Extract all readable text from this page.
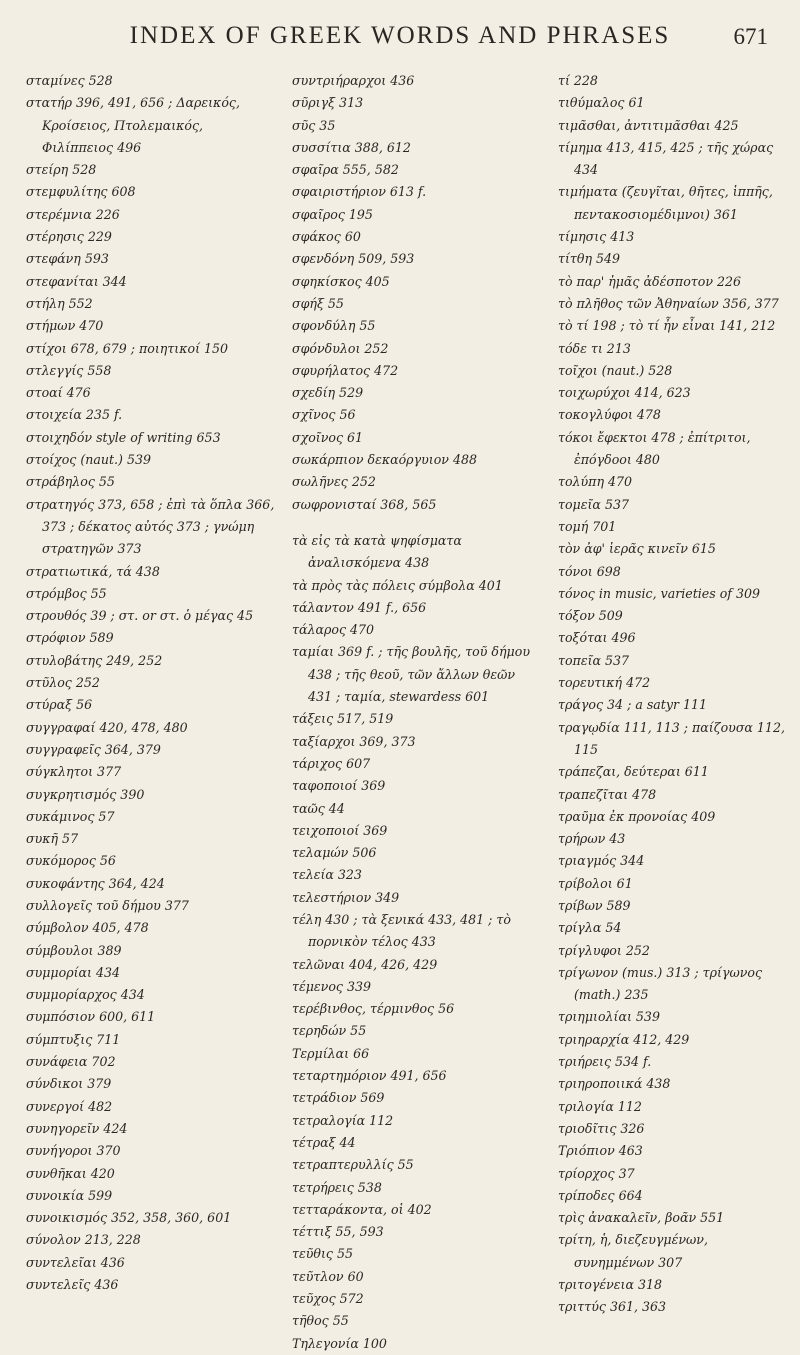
INDEX OF GREEK WORDS AND PHRASES	671
σταμίνες 528
στατήρ 396, 491, 656 ; Δαρεικός, Κροίσειος, Πτολεμαικός, Φιλίππειος 496
στείρη 528
στεμφυλίτης 608
στερέμνια 226
στέρησις 229
στεφάνη 593
στεφανίται 344
στήλη 552
στήμων 470
στίχοι 678, 679 ; ποιητικοί 150
στλεγγίς 558
στοαί 476
στοιχεία 235 f.
στοιχηδόν style of writing 653
στοίχος (naut.) 539
στράβηλος 55
στρατηγός 373, 658 ; ἐπὶ τὰ ὅπλα 366, 373 ; δέκατος αὐτός 373 ; γνώμη στρατηγῶν 373
στρατιωτικά, τά 438
στρόμβος 55
στρουθός 39 ; στ. or στ. ὁ μέγας 45
στρόφιον 589
στυλοβάτης 249, 252
στῦλος 252
στύραξ 56
συγγραφαί 420, 478, 480
συγγραφεῖς 364, 379
σύγκλητοι 377
συγκρητισμός 390
συκάμινος 57
συκῆ 57
συκόμορος 56
συκοφάντης 364, 424
συλλογεῖς τοῦ δήμου 377
σύμβολον 405, 478
σύμβουλοι 389
συμμορίαι 434
συμμορίαρχος 434
συμπόσιον 600, 611
σύμπτυξις 711
συνάφεια 702
σύνδικοι 379
συνεργοί 482
συνηγορεῖν 424
συνήγοροι 370
συνθῆκαι 420
συνοικία 599
συνοικισμός 352, 358, 360, 601
σύνολον 213, 228
συντελεῖαι 436
συντελεῖς 436
συντριήραρχοι 436
σῦριγξ 313
σῦς 35
συσσίτια 388, 612
σφαῖρα 555, 582
σφαιριστήριον 613 f.
σφαῖρος 195
σφάκος 60
σφενδόνη 509, 593
σφηκίσκος 405
σφήξ 55
σφονδύλη 55
σφόνδυλοι 252
σφυρήλατος 472
σχεδίη 529
σχῖνος 56
σχοῖνος 61
σωκάρπιον δεκαόργυιον 488
σωλῆνες 252
σωφρονισταί 368, 565
τὰ εἰς τὰ κατὰ ψηφίσματα ἀναλισκόμενα 438
τὰ πρὸς τὰς πόλεις σύμβολα 401
τάλαντον 491 f., 656
τάλαρος 470
ταμίαι 369 f. ; τῆς βουλῆς, τοῦ δήμου 438 ; τῆς θεοῦ, τῶν ἄλλων θεῶν 431 ; ταμία, stewardess 601
τάξεις 517, 519
ταξίαρχοι 369, 373
τάριχος 607
ταφοποιοί 369
ταῶς 44
τειχοποιοί 369
τελαμών 506
τελεία 323
τελεστήριον 349
τέλη 430 ; τὰ ξενικά 433, 481 ; τὸ πορνικὸν τέλος 433
τελῶναι 404, 426, 429
τέμενος 339
τερέβινθος, τέρμινθος 56
τερηδών 55
Τερμίλαι 66
τεταρτημόριον 491, 656
τετράδιον 569
τετραλογία 112
τέτραξ 44
τετραπτερυλλίς 55
τετρήρεις 538
τετταράκοντα, οἱ 402
τέττιξ 55, 593
τεῦθις 55
τεῦτλον 60
τεῦχος 572
τῆθος 55
Τηλεγονία 100
τί 228
τιθύμαλος 61
τιμᾶσθαι, ἀντιτιμᾶσθαι 425
τίμημα 413, 415, 425 ; τῆς χώρας 434
τιμήματα (ζευγῖται, θῆτες, ἱππῆς, πεντακοσιομέδιμνοι) 361
τίμησις 413
τίτθη 549
τὸ παρ' ἡμᾶς ἀδέσποτον 226
τὸ πλῆθος τῶν Ἀθηναίων 356, 377
τὸ τί 198 ; τὸ τί ἦν εἶναι 141, 212
τόδε τι 213
τοῖχοι (naut.) 528
τοιχωρύχοι 414, 623
τοκογλύφοι 478
τόκοι ἔφεκτοι 478 ; ἐπίτριτοι, ἐπόγδοοι 480
τολύπη 470
τομεῖα 537
τομή 701
τὸν ἀφ' ἱερᾶς κινεῖν 615
τόνοι 698
τόνος in music, varieties of 309
τόξον 509
τοξόται 496
τοπεῖα 537
τορευτική 472
τράγος 34 ; a satyr 111
τραγῳδία 111, 113 ; παίζουσα 112, 115
τράπεζαι, δεύτεραι 611
τραπεζῖται 478
τραῦμα ἐκ προνοίας 409
τρήρων 43
τριαγμός 344
τρίβολοι 61
τρίβων 589
τρίγλα 54
τρίγλυφοι 252
τρίγωνον (mus.) 313 ; τρίγωνος (math.) 235
τριημιολίαι 539
τριηραρχία 412, 429
τριήρεις 534 f.
τριηροποιικά 438
τριλογία 112
τριοδῖτις 326
Τριόπιον 463
τρίορχος 37
τρίποδες 664
τρὶς ἀνακαλεῖν, βοᾶν 551
τρίτη, ἡ, διεζευγμένων, συνημμένων 307
τριτογένεια 318
τριττύς 361, 363
